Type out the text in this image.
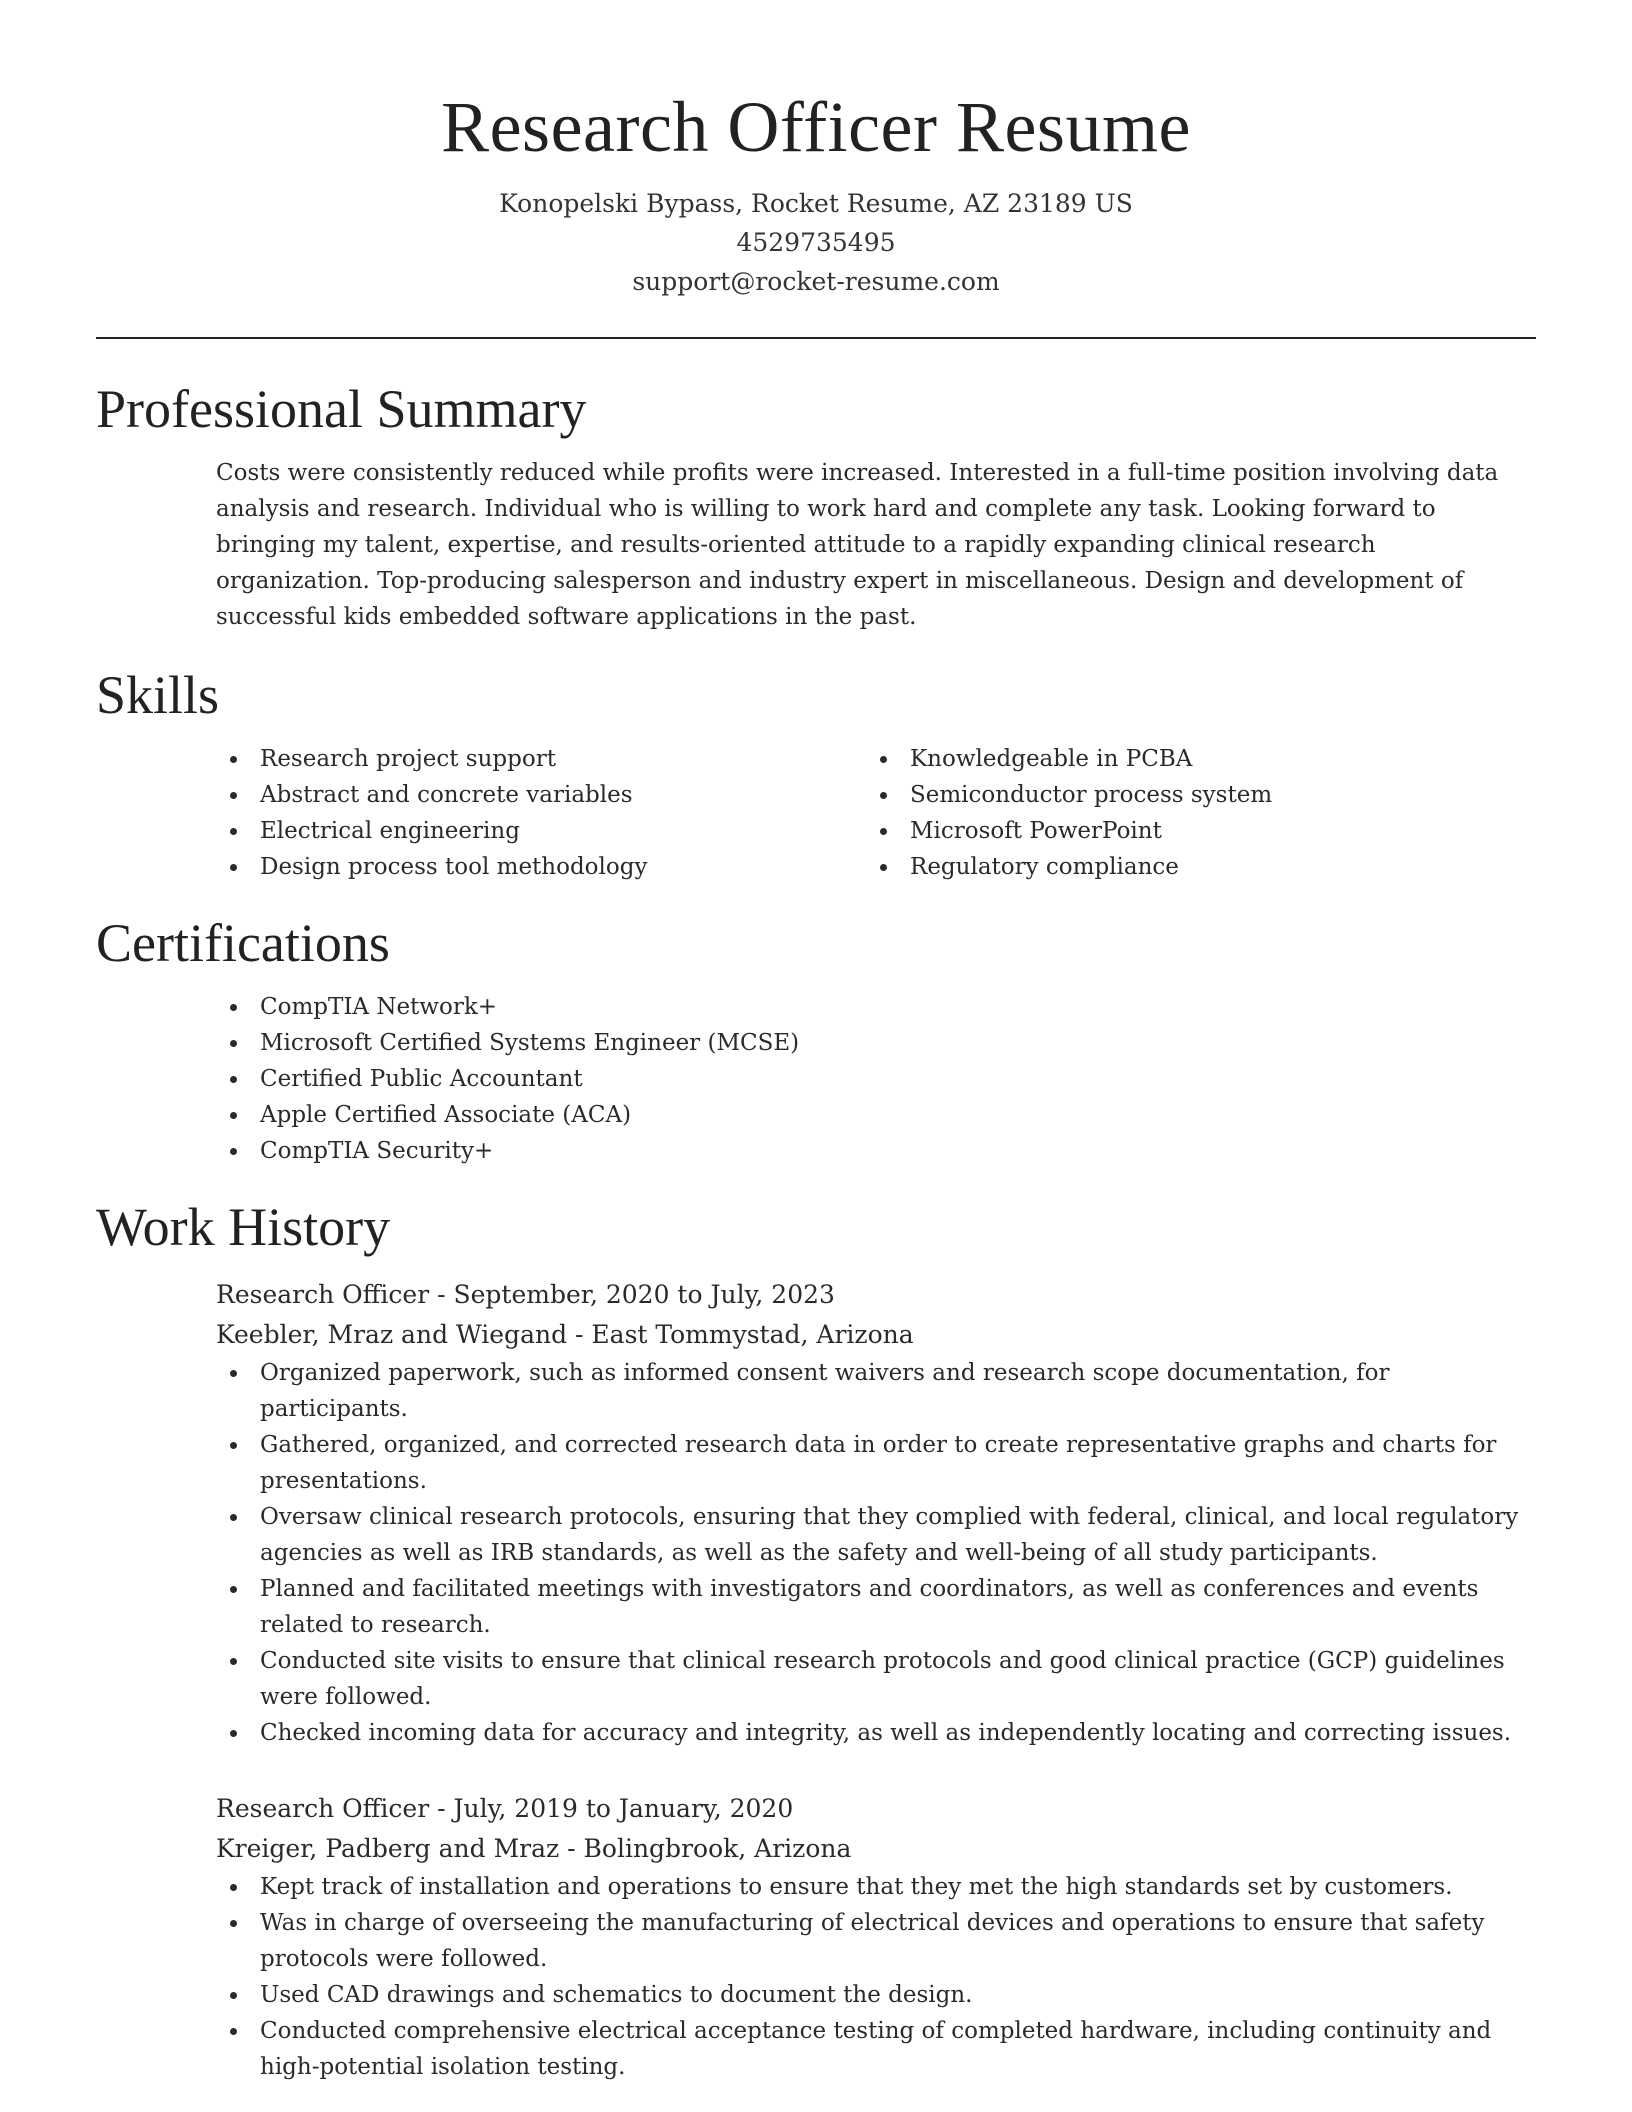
Research Officer Resume
Konopelski Bypass, Rocket Resume, AZ 23189 US
4529735495
support@rocket-resume.com
Professional Summary
Costs were consistently reduced while profits were increased. Interested in a full-time position involving data analysis and research. Individual who is willing to work hard and complete any task. Looking forward to bringing my talent, expertise, and results-oriented attitude to a rapidly expanding clinical research organization. Top-producing salesperson and industry expert in miscellaneous. Design and development of successful kids embedded software applications in the past.
Skills
Research project support
Abstract and concrete variables
Electrical engineering
Design process tool methodology
Knowledgeable in PCBA
Semiconductor process system
Microsoft PowerPoint
Regulatory compliance
Certifications
CompTIA Network+
Microsoft Certified Systems Engineer (MCSE)
Certified Public Accountant
Apple Certified Associate (ACA)
CompTIA Security+
Work History
Research Officer - September, 2020 to July, 2023
Keebler, Mraz and Wiegand - East Tommystad, Arizona
Organized paperwork, such as informed consent waivers and research scope documentation, for participants.
Gathered, organized, and corrected research data in order to create representative graphs and charts for presentations.
Oversaw clinical research protocols, ensuring that they complied with federal, clinical, and local regulatory agencies as well as IRB standards, as well as the safety and well-being of all study participants.
Planned and facilitated meetings with investigators and coordinators, as well as conferences and events related to research.
Conducted site visits to ensure that clinical research protocols and good clinical practice (GCP) guidelines were followed.
Checked incoming data for accuracy and integrity, as well as independently locating and correcting issues.
Research Officer - July, 2019 to January, 2020
Kreiger, Padberg and Mraz - Bolingbrook, Arizona
Kept track of installation and operations to ensure that they met the high standards set by customers.
Was in charge of overseeing the manufacturing of electrical devices and operations to ensure that safety protocols were followed.
Used CAD drawings and schematics to document the design.
Conducted comprehensive electrical acceptance testing of completed hardware, including continuity and high-potential isolation testing.
